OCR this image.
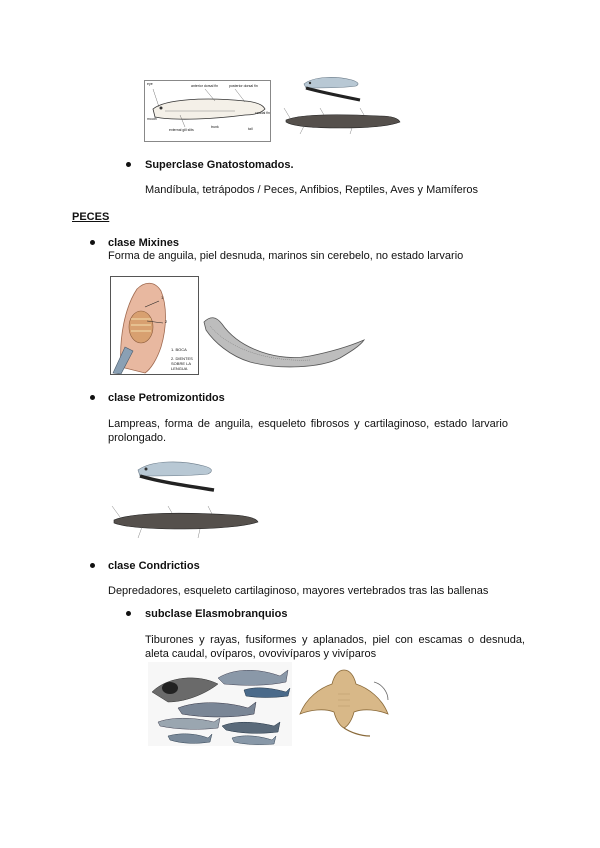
eye
mouth
anterior dorsal fin	posterior dorsal fin
caudal fin
external gill slits
trunk	tail
Superclase Gnatostomados.
Mandíbula, tetrápodos / Peces, Anfibios, Reptiles, Aves y Mamíferos
PECES
clase Mixines
Forma de anguila, piel desnuda, marinos sin cerebelo, no estado larvario
1
2
1. BOCA
2. DIENTES SOBRE LA LENGUA
clase Petromizontidos
Lampreas, forma de anguila, esqueleto fibrosos y cartilaginoso, estado larvario prolongado.
clase Condrictios
Depredadores, esqueleto cartilaginoso, mayores vertebrados tras las ballenas
subclase Elasmobranquios
Tiburones y rayas, fusiformes y aplanados, piel con escamas o desnuda, aleta caudal, ovíparos, ovovivíparos y vivíparos
